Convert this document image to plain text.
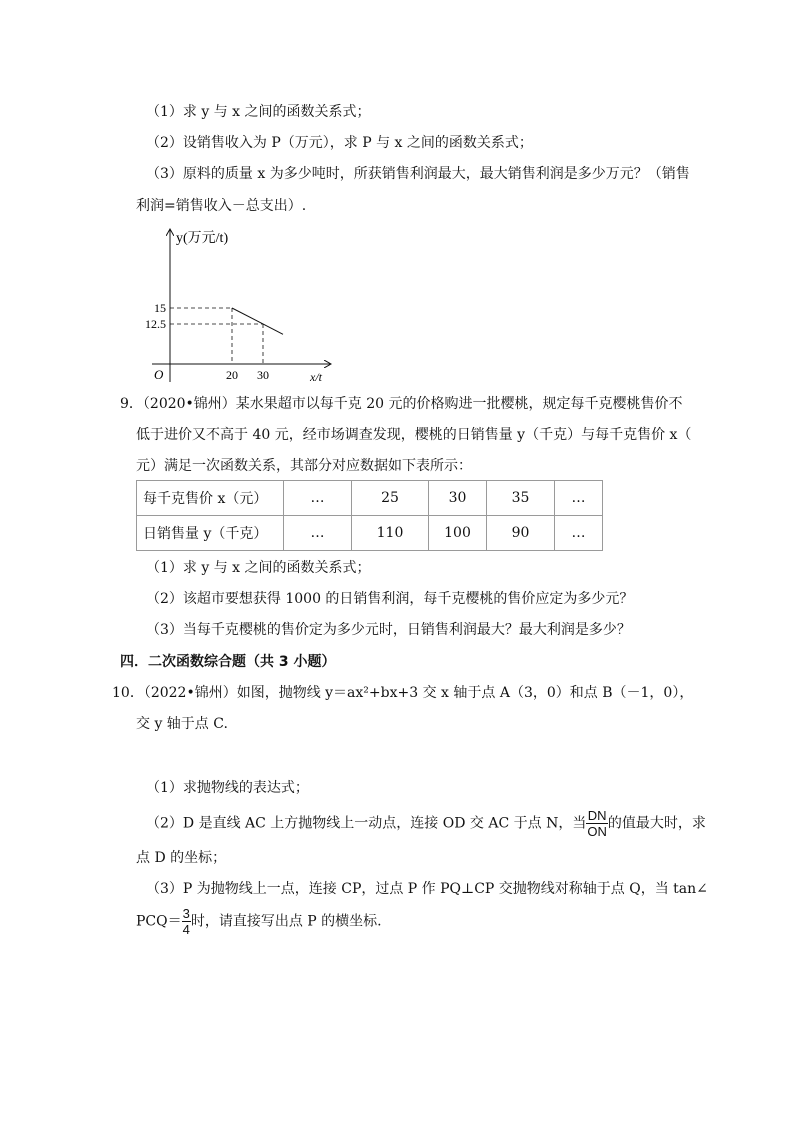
（1）求 y 与 x 之间的函数关系式；
（2）设销售收入为 P（万元），求 P 与 x 之间的函数关系式；
（3）原料的质量 x 为多少吨时，所获销售利润最大，最大销售利润是多少万元？（销售
利润=销售收入－总支出）.
y(万元/t)
x/t
O
15
12.5
20 30
9．（2020•锦州）某水果超市以每千克 20 元的价格购进一批樱桃，规定每千克樱桃售价不
低于进价又不高于 40 元，经市场调查发现，樱桃的日销售量 y（千克）与每千克售价 x（
元）满足一次函数关系，其部分对应数据如下表所示：
每千克售价 x（元）	…	25	30	35	…
日销售量 y（千克）	…	110	100	90	…
（1）求 y 与 x 之间的函数关系式；
（2）该超市要想获得 1000 的日销售利润，每千克樱桃的售价应定为多少元？
（3）当每千克樱桃的售价定为多少元时，日销售利润最大？最大利润是多少？
四．二次函数综合题（共 3 小题）
10．（2022•锦州）如图，抛物线 y＝ax²+bx+3 交 x 轴于点 A（3，0）和点 B（－1，0），
交 y 轴于点 C.
（1）求抛物线的表达式；
（2）D 是直线 AC 上方抛物线上一动点，连接 OD 交 AC 于点 N，当 $\frac{DN}{ON}$ 的值最大时，求
点 D 的坐标；
（3）P 为抛物线上一点，连接 CP，过点 P 作 PQ⊥CP 交抛物线对称轴于点 Q，当 tan∠
$PCQ= \frac{3}{4}$ 时，请直接写出点 P 的横坐标.
